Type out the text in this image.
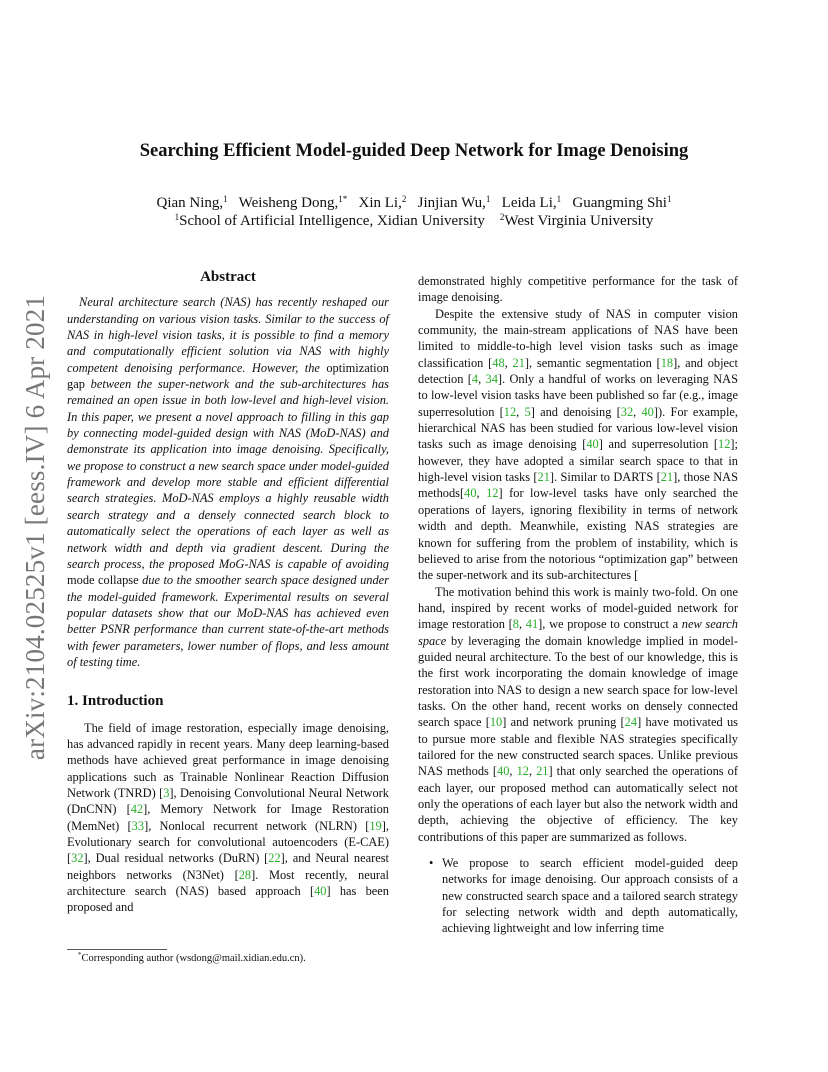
arXiv:2104.02525v1 [eess.IV] 6 Apr 2021
Searching Efficient Model-guided Deep Network for Image Denoising
Qian Ning,$^1$ Weisheng Dong,$^{1*}$ Xin Li,$^2$ Jinjian Wu,$^1$ Leida Li,$^1$ Guangming Shi$^1$
$^1$School of Artificial Intelligence, Xidian University $^2$West Virginia University
Abstract

Neural architecture search (NAS) has recently reshaped our understanding on various vision tasks. Similar to the success of NAS in high-level vision tasks, it is possible to find a memory and computationally efficient solution via NAS with highly competent denoising performance. However, the optimization gap between the super-network and the sub-architectures has remained an open issue in both low-level and high-level vision. In this paper, we present a novel approach to filling in this gap by connecting model-guided design with NAS (MoD-NAS) and demonstrate its application into image denoising. Specifically, we propose to construct a new search space under model-guided framework and develop more stable and efficient differential search strategies. MoD-NAS employs a highly reusable width search strategy and a densely connected search block to automatically select the operations of each layer as well as network width and depth via gradient descent. During the search process, the proposed MoG-NAS is capable of avoiding mode collapse due to the smoother search space designed under the model-guided framework. Experimental results on several popular datasets show that our MoD-NAS has achieved even better PSNR performance than current state-of-the-art methods with fewer parameters, lower number of flops, and less amount of testing time.

1. Introduction

The field of image restoration, especially image denoising, has advanced rapidly in recent years. Many deep learning-based methods have achieved great performance in image denoising applications such as Trainable Nonlinear Reaction Diffusion Network (TNRD) [3], Denoising Convolutional Neural Network (DnCNN) [42], Memory Network for Image Restoration (MemNet) [33], Nonlocal recurrent network (NLRN) [19], Evolutionary search for convolutional autoencoders (E-CAE) [32], Dual residual networks (DuRN) [22], and Neural nearest neighbors networks (N3Net) [28]. Most recently, neural architecture search (NAS) based approach [40] has been proposed and

demonstrated highly competitive performance for the task of image denoising.

Despite the extensive study of NAS in computer vision community, the main-stream applications of NAS have been limited to middle-to-high level vision tasks such as image classification [48, 21], semantic segmentation [18], and object detection [4, 34]. Only a handful of works on leveraging NAS to low-level vision tasks have been published so far (e.g., image superresolution [12, 5] and denoising [32, 40]). For example, hierarchical NAS has been studied for various low-level vision tasks such as image denoising [40] and superresolution [12]; however, they have adopted a similar search space to that in high-level vision tasks [21]. Similar to DARTS [21], those NAS methods[40, 12] for low-level tasks have only searched the operations of layers, ignoring flexibility in terms of network width and depth. Meanwhile, existing NAS strategies are known for suffering from the problem of instability, which is believed to arise from the notorious “optimization gap” between the super-network and its sub-architectures [

The motivation behind this work is mainly two-fold. On one hand, inspired by recent works of model-guided network for image restoration [8, 41], we propose to construct a new search space by leveraging the domain knowledge implied in model-guided neural architecture. To the best of our knowledge, this is the first work incorporating the domain knowledge of image restoration into NAS to design a new search space for low-level tasks. On the other hand, recent works on densely connected search space [10] and network pruning [24] have motivated us to pursue more stable and flexible NAS strategies specifically tailored for the new constructed search spaces. Unlike previous NAS methods [40, 12, 21] that only searched the operations of each layer, our proposed method can automatically select not only the operations of each layer but also the network width and depth, achieving the objective of efficiency. The key contributions of this paper are summarized as follows.

• We propose to search efficient model-guided deep networks for image denoising. Our approach consists of a new constructed search space and a tailored search strategy for selecting network width and depth automatically, achieving lightweight and low inferring time
*Corresponding author (wsdong@mail.xidian.edu.cn).
